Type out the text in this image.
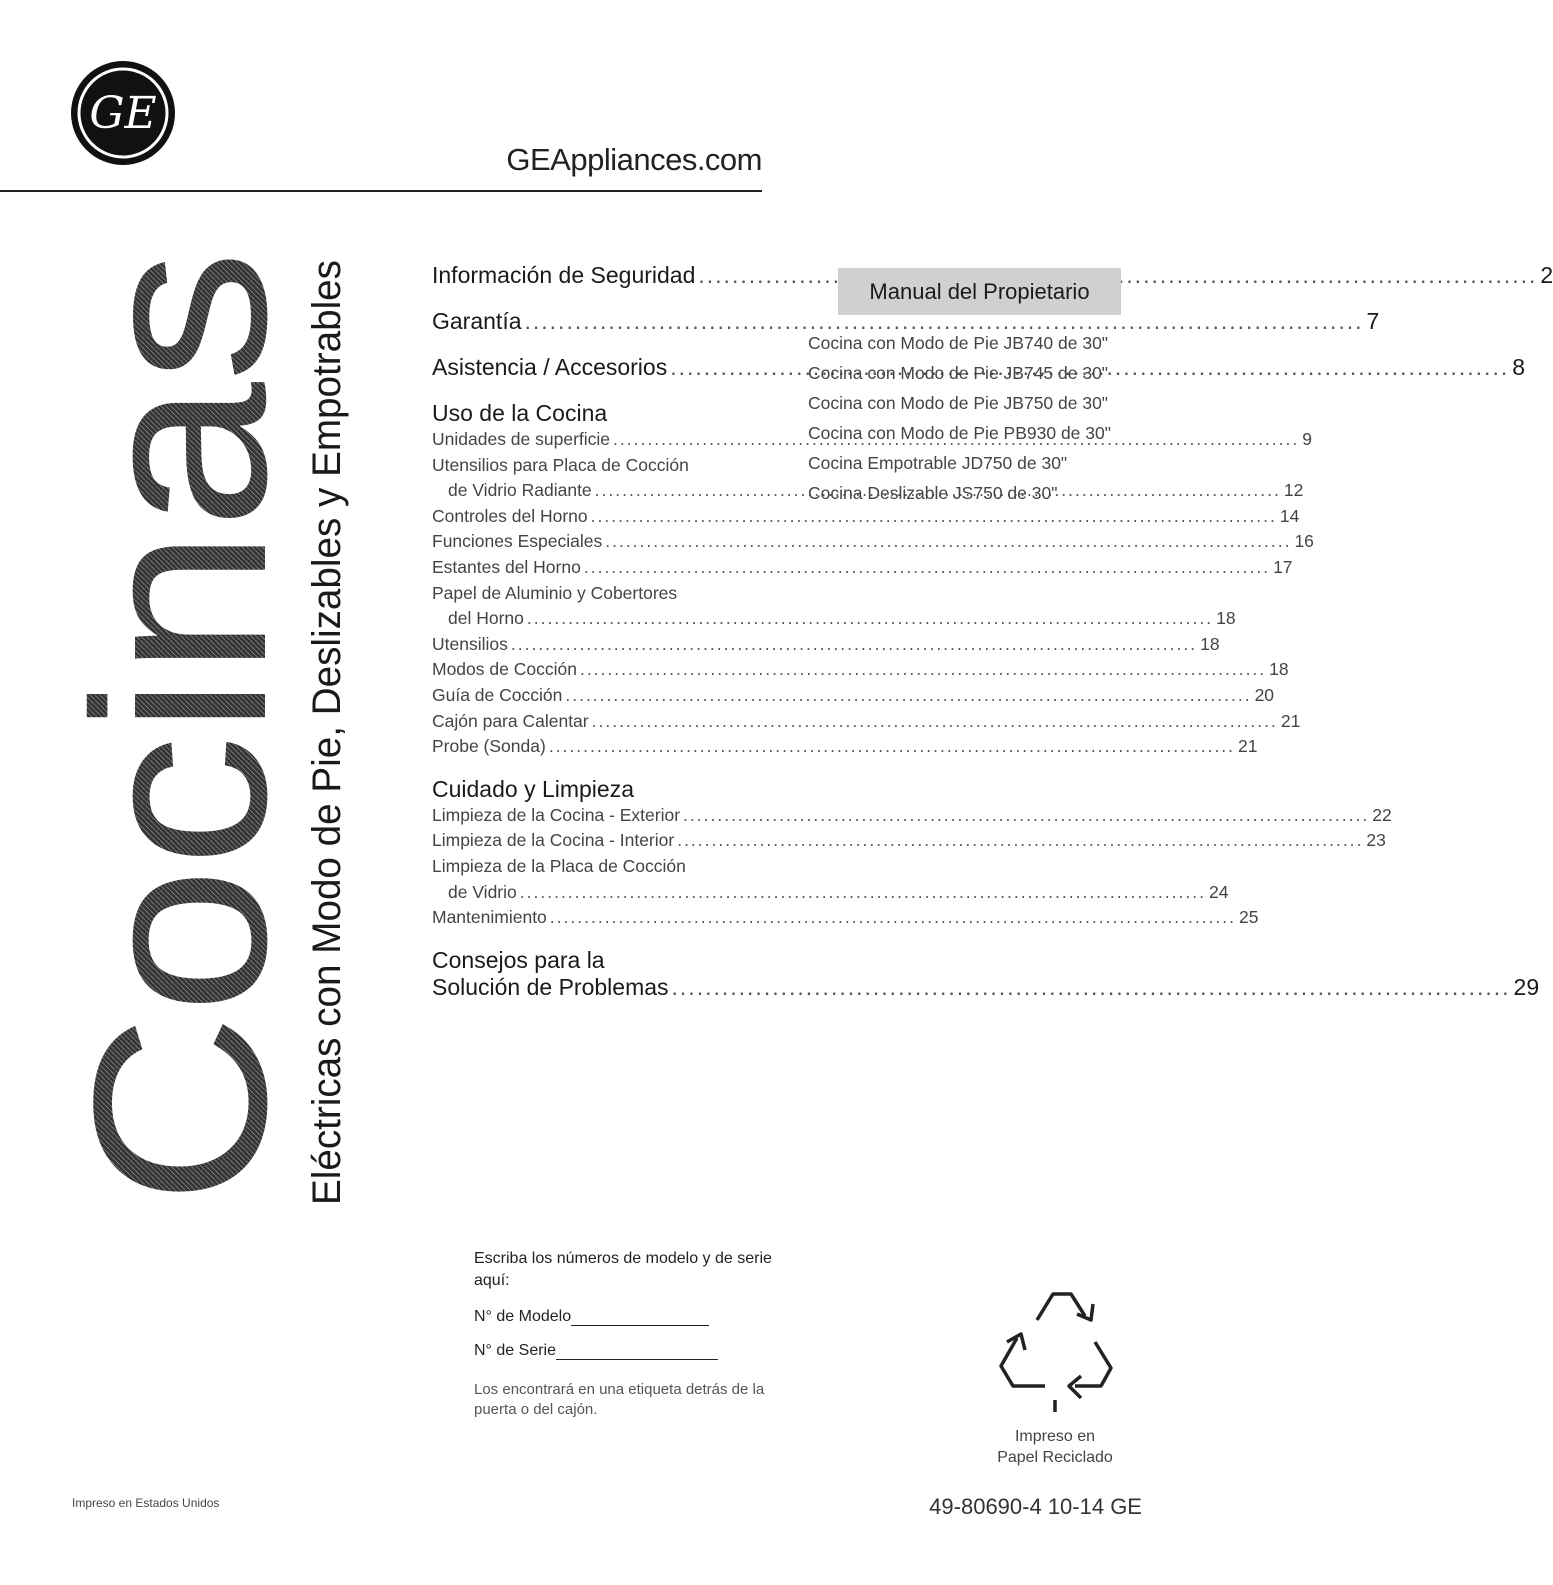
GE
GEAppliances.com
Cocinas
Eléctricas con Modo de Pie, Deslizables y Empotrables	Información de Seguridad .....	2
Garantía .....	7
Asistencia / Accesorios .....	8
Uso de la Cocina
Unidades de superficie .....	9
Utensilios para Placa de Cocción
de Vidrio Radiante .....	12
Controles del Horno .....	14
Funciones Especiales .....	16
Estantes del Horno .....	17
Papel de Aluminio y Cobertores
del Horno .....	18
Utensilios .....	18
Modos de Cocción .....	18
Guía de Cocción .....	20
Cajón para Calentar .....	21
Probe (Sonda) .....	21
Cuidado y Limpieza
Limpieza de la Cocina - Exterior .....	22
Limpieza de la Cocina - Interior .....	23
Limpieza de la Placa de Cocción
de Vidrio .....	24
Mantenimiento .....	25
Consejos para la
Solución de Problemas .....	29
Manual del Propietario
Cocina con Modo de Pie JB740 de 30"
Cocina con Modo de Pie JB745 de 30"
Cocina con Modo de Pie JB750 de 30"
Cocina con Modo de Pie PB930 de 30"
Cocina Empotrable JD750 de 30"
Cocina Deslizable JS750 de 30"
Escriba los números de modelo y de serie aquí:
N° de Modelo
N° de Serie
Los encontrará en una etiqueta detrás de la puerta o del cajón.
Impreso en
Papel Reciclado
Impreso en Estados Unidos	49-80690-4 10-14 GE
